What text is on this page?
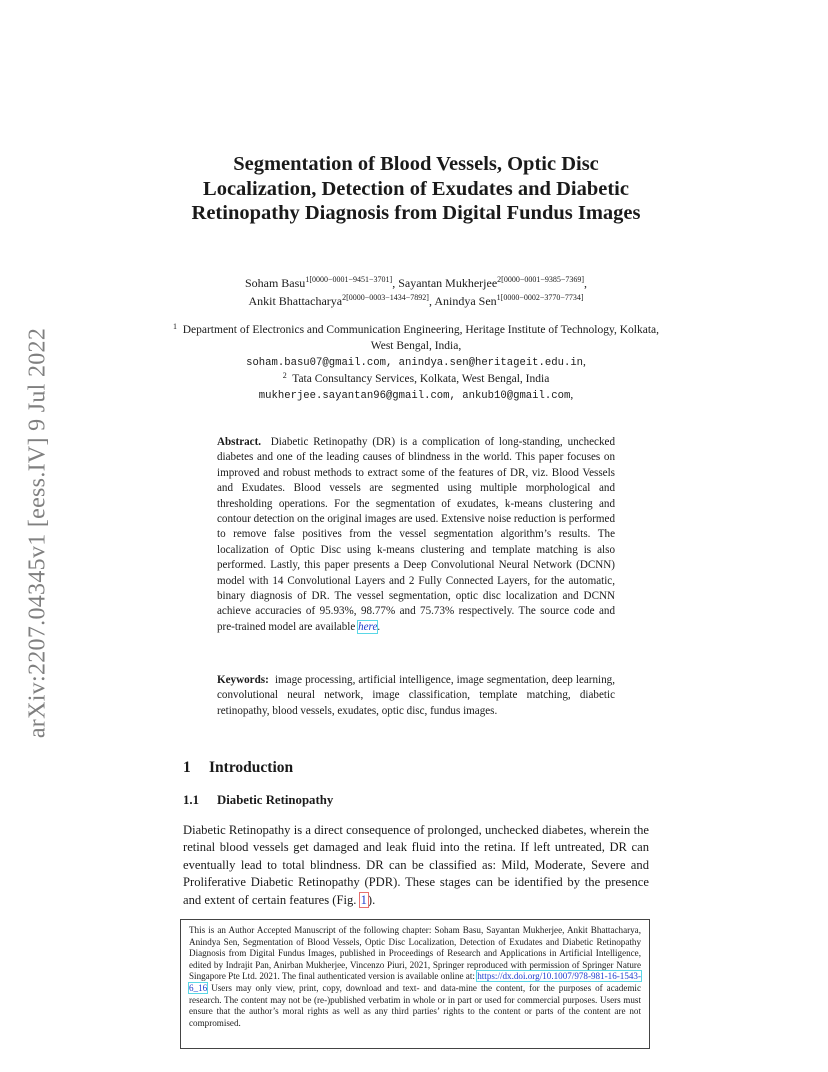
arXiv:2207.04345v1 [eess.IV] 9 Jul 2022
Segmentation of Blood Vessels, Optic Disc Localization, Detection of Exudates and Diabetic Retinopathy Diagnosis from Digital Fundus Images
Soham Basu$^{1[0000-0001-9451-3701]}$, Sayantan Mukherjee$^{2[0000-0001-9385-7369]}$,
Ankit Bhattacharya$^{2[0000-0003-1434-7892]}$, Anindya Sen$^{1[0000-0002-3770-7734]}$
$^1$ Department of Electronics and Communication Engineering, Heritage Institute of Technology, Kolkata, West Bengal, India,
soham.basu07@gmail.com, anindya.sen@heritageit.edu.in,
$^2$ Tata Consultancy Services, Kolkata, West Bengal, India
mukherjee.sayantan96@gmail.com, ankub10@gmail.com,

Abstract. Diabetic Retinopathy (DR) is a complication of long-standing, unchecked diabetes and one of the leading causes of blindness in the world. This paper focuses on improved and robust methods to extract some of the features of DR, viz. Blood Vessels and Exudates. Blood vessels are segmented using multiple morphological and thresholding operations. For the segmentation of exudates, k-means clustering and contour detection on the original images are used. Extensive noise reduction is performed to remove false positives from the vessel segmentation algorithm’s results. The localization of Optic Disc using k-means clustering and template matching is also performed. Lastly, this paper presents a Deep Convolutional Neural Network (DCNN) model with 14 Convolutional Layers and 2 Fully Connected Layers, for the automatic, binary diagnosis of DR. The vessel segmentation, optic disc localization and DCNN achieve accuracies of 95.93%, 98.77% and 75.73% respectively. The source code and pre-trained model are available here.

Keywords: image processing, artificial intelligence, image segmentation, deep learning, convolutional neural network, image classification, template matching, diabetic retinopathy, blood vessels, exudates, optic disc, fundus images.

1 Introduction
1.1 Diabetic Retinopathy

Diabetic Retinopathy is a direct consequence of prolonged, unchecked diabetes, wherein the retinal blood vessels get damaged and leak fluid into the retina. If left untreated, DR can eventually lead to total blindness. DR can be classified as: Mild, Moderate, Severe and Proliferative Diabetic Retinopathy (PDR). These stages can be identified by the presence and extent of certain features (Fig. 1).

This is an Author Accepted Manuscript of the following chapter: Soham Basu, Sayantan Mukherjee, Ankit Bhattacharya, Anindya Sen, Segmentation of Blood Vessels, Optic Disc Localization, Detection of Exudates and Diabetic Retinopathy Diagnosis from Digital Fundus Images, published in Proceedings of Research and Applications in Artificial Intelligence, edited by Indrajit Pan, Anirban Mukherjee, Vincenzo Piuri, 2021, Springer reproduced with permission of Springer Nature Singapore Pte Ltd. 2021. The final authenticated version is available online at: https://dx.doi.org/10.1007/978-981-16-1543-6_16 Users may only view, print, copy, download and text- and data-mine the content, for the purposes of academic research. The content may not be (re-)published verbatim in whole or in part or used for commercial purposes. Users must ensure that the author’s moral rights as well as any third parties’ rights to the content or parts of the content are not compromised.
